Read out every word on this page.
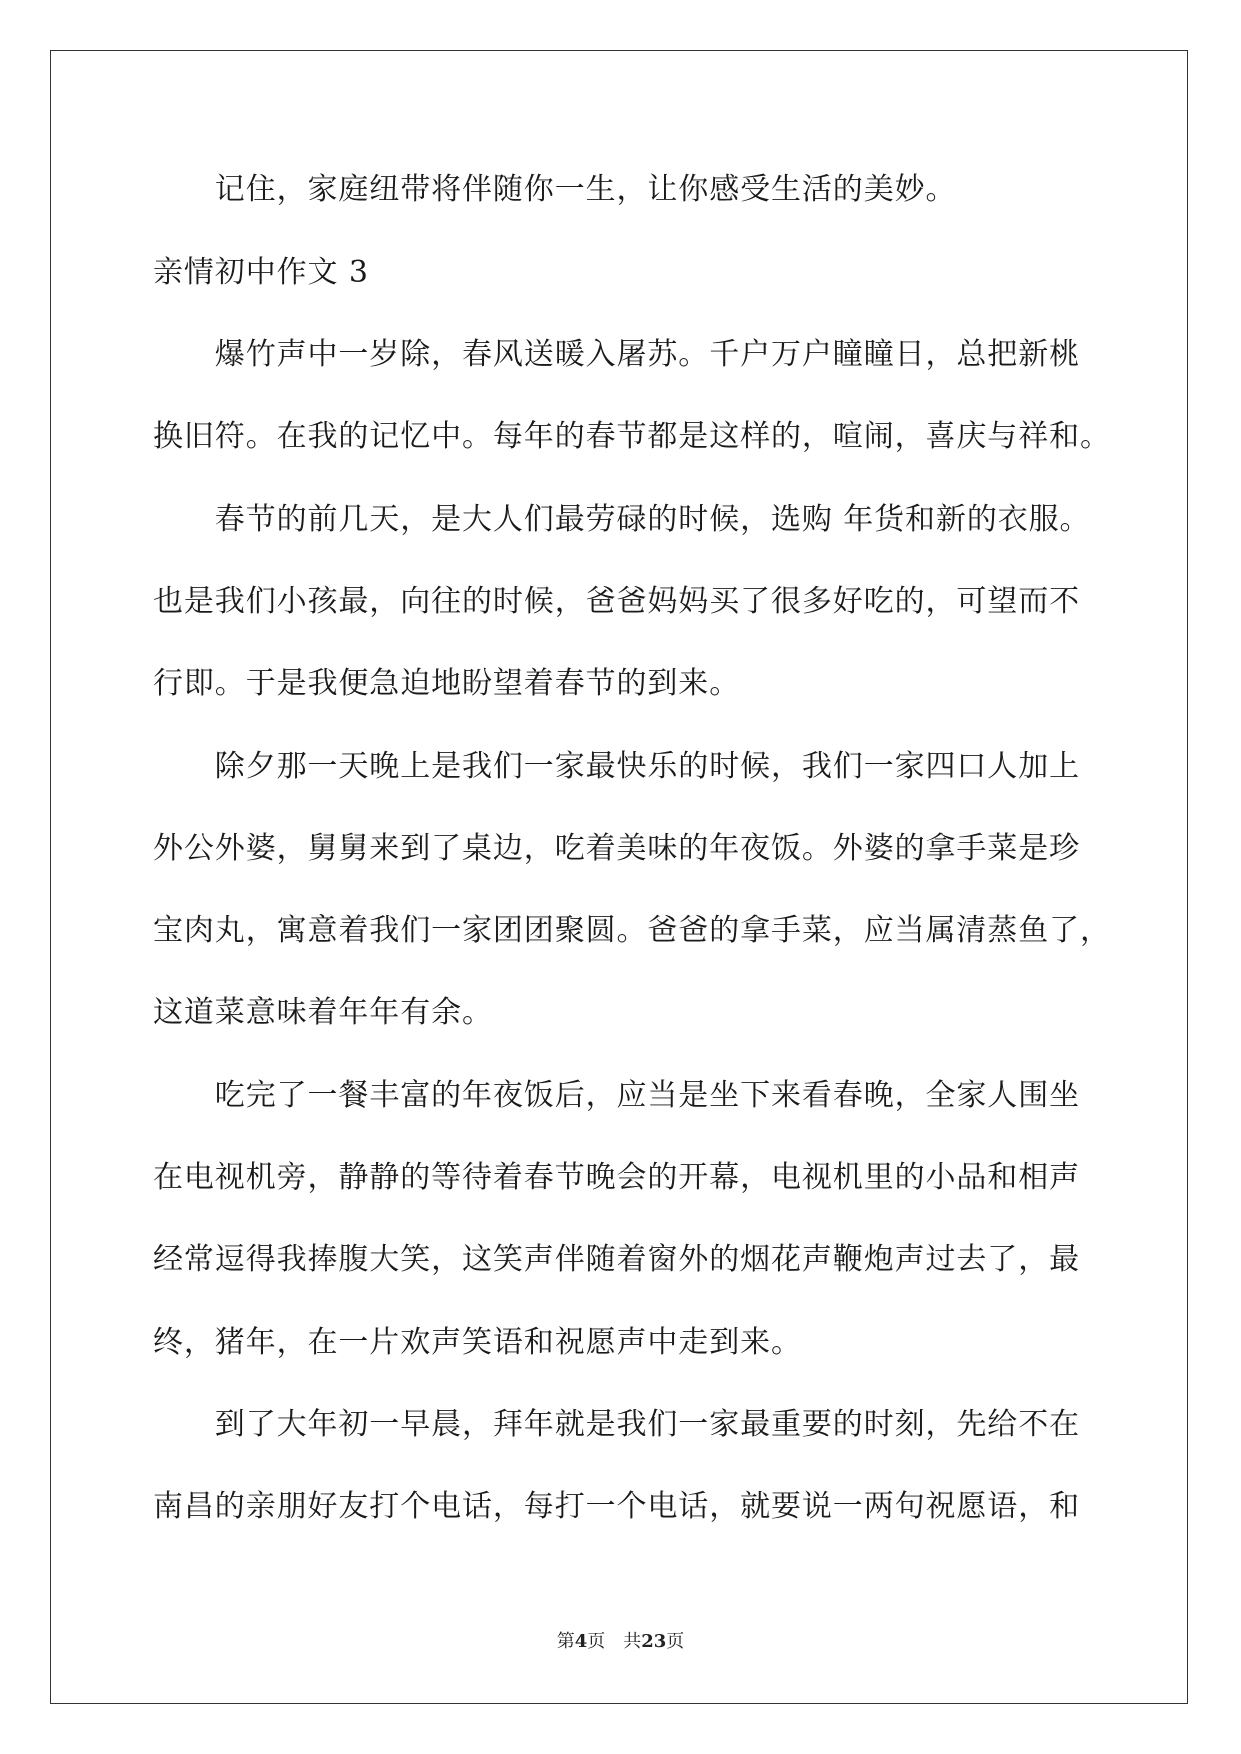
　　记住，家庭纽带将伴随你一生，让你感受生活的美妙。
亲情初中作文 3
　　爆竹声中一岁除，春风送暖入屠苏。千户万户瞳瞳日，总把新桃
换旧符。在我的记忆中。每年的春节都是这样的，喧闹，喜庆与祥和。
　　春节的前几天，是大人们最劳碌的时候，选购 年货和新的衣服。
也是我们小孩最，向往的时候，爸爸妈妈买了很多好吃的，可望而不
行即。于是我便急迫地盼望着春节的到来。
　　除夕那一天晚上是我们一家最快乐的时候，我们一家四口人加上
外公外婆，舅舅来到了桌边，吃着美味的年夜饭。外婆的拿手菜是珍
宝肉丸，寓意着我们一家团团聚圆。爸爸的拿手菜，应当属清蒸鱼了，
这道菜意味着年年有余。
　　吃完了一餐丰富的年夜饭后，应当是坐下来看春晚，全家人围坐
在电视机旁，静静的等待着春节晚会的开幕，电视机里的小品和相声
经常逗得我捧腹大笑，这笑声伴随着窗外的烟花声鞭炮声过去了，最
终，猪年，在一片欢声笑语和祝愿声中走到来。
　　到了大年初一早晨，拜年就是我们一家最重要的时刻，先给不在
南昌的亲朋好友打个电话，每打一个电话，就要说一两句祝愿语，和
第4页　共23页
